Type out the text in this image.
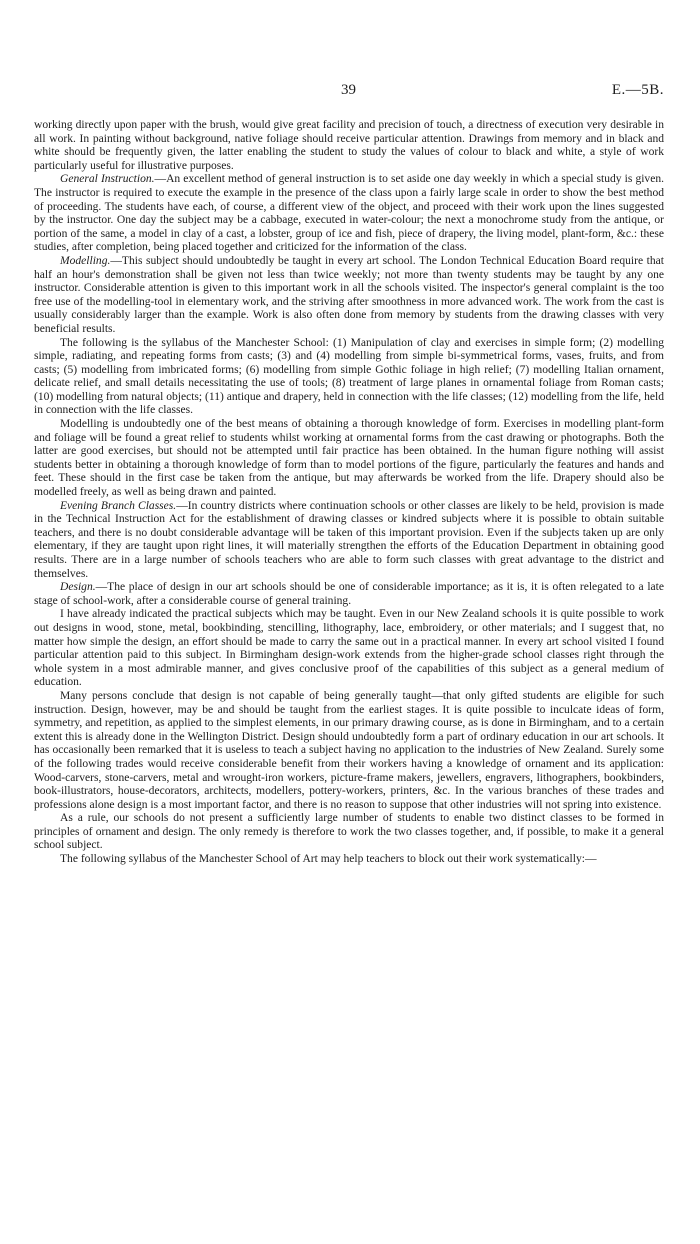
39	E.—5B.

working directly upon paper with the brush, would give great facility and precision of touch, a directness of execution very desirable in all work. In painting without background, native foliage should receive particular attention. Drawings from memory and in black and white should be frequently given, the latter enabling the student to study the values of colour to black and white, a style of work particularly useful for illustrative purposes.

General Instruction.—An excellent method of general instruction is to set aside one day weekly in which a special study is given. The instructor is required to execute the example in the presence of the class upon a fairly large scale in order to show the best method of proceeding. The students have each, of course, a different view of the object, and proceed with their work upon the lines suggested by the instructor. One day the subject may be a cabbage, executed in water-colour; the next a monochrome study from the antique, or portion of the same, a model in clay of a cast, a lobster, group of ice and fish, piece of drapery, the living model, plant-form, &c.: these studies, after completion, being placed together and criticized for the information of the class.

Modelling.—This subject should undoubtedly be taught in every art school. The London Technical Education Board require that half an hour's demonstration shall be given not less than twice weekly; not more than twenty students may be taught by any one instructor. Considerable attention is given to this important work in all the schools visited. The inspector's general complaint is the too free use of the modelling-tool in elementary work, and the striving after smoothness in more advanced work. The work from the cast is usually considerably larger than the example. Work is also often done from memory by students from the drawing classes with very beneficial results.

The following is the syllabus of the Manchester School: (1) Manipulation of clay and exercises in simple form; (2) modelling simple, radiating, and repeating forms from casts; (3) and (4) modelling from simple bi-symmetrical forms, vases, fruits, and from casts; (5) modelling from imbricated forms; (6) modelling from simple Gothic foliage in high relief; (7) modelling Italian ornament, delicate relief, and small details necessitating the use of tools; (8) treatment of large planes in ornamental foliage from Roman casts; (10) modelling from natural objects; (11) antique and drapery, held in connection with the life classes; (12) modelling from the life, held in connection with the life classes.

Modelling is undoubtedly one of the best means of obtaining a thorough knowledge of form. Exercises in modelling plant-form and foliage will be found a great relief to students whilst working at ornamental forms from the cast drawing or photographs. Both the latter are good exercises, but should not be attempted until fair practice has been obtained. In the human figure nothing will assist students better in obtaining a thorough knowledge of form than to model portions of the figure, particularly the features and hands and feet. These should in the first case be taken from the antique, but may afterwards be worked from the life. Drapery should also be modelled freely, as well as being drawn and painted.

Evening Branch Classes.—In country districts where continuation schools or other classes are likely to be held, provision is made in the Technical Instruction Act for the establishment of drawing classes or kindred subjects where it is possible to obtain suitable teachers, and there is no doubt considerable advantage will be taken of this important provision. Even if the subjects taken up are only elementary, if they are taught upon right lines, it will materially strengthen the efforts of the Education Department in obtaining good results. There are in a large number of schools teachers who are able to form such classes with great advantage to the district and themselves.

Design.—The place of design in our art schools should be one of considerable importance; as it is, it is often relegated to a late stage of school-work, after a considerable course of general training.

I have already indicated the practical subjects which may be taught. Even in our New Zealand schools it is quite possible to work out designs in wood, stone, metal, bookbinding, stencilling, lithography, lace, embroidery, or other materials; and I suggest that, no matter how simple the design, an effort should be made to carry the same out in a practical manner. In every art school visited I found particular attention paid to this subject. In Birmingham design-work extends from the higher-grade school classes right through the whole system in a most admirable manner, and gives conclusive proof of the capabilities of this subject as a general medium of education.

Many persons conclude that design is not capable of being generally taught—that only gifted students are eligible for such instruction. Design, however, may be and should be taught from the earliest stages. It is quite possible to inculcate ideas of form, symmetry, and repetition, as applied to the simplest elements, in our primary drawing course, as is done in Birmingham, and to a certain extent this is already done in the Wellington District. Design should undoubtedly form a part of ordinary education in our art schools. It has occasionally been remarked that it is useless to teach a subject having no application to the industries of New Zealand. Surely some of the following trades would receive considerable benefit from their workers having a knowledge of ornament and its application: Wood-carvers, stone-carvers, metal and wrought-iron workers, picture-frame makers, jewellers, engravers, lithographers, bookbinders, book-illustrators, house-decorators, architects, modellers, pottery-workers, printers, &c. In the various branches of these trades and professions alone design is a most important factor, and there is no reason to suppose that other industries will not spring into existence.

As a rule, our schools do not present a sufficiently large number of students to enable two distinct classes to be formed in principles of ornament and design. The only remedy is therefore to work the two classes together, and, if possible, to make it a general school subject.

The following syllabus of the Manchester School of Art may help teachers to block out their work systematically:—
